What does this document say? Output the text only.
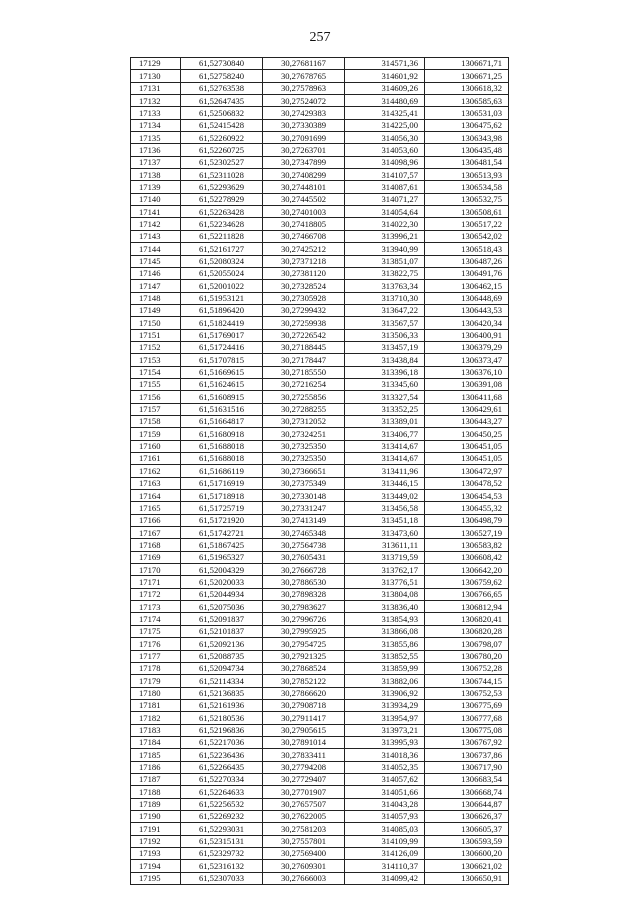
257
17129	61,52730840	30,27681167	314571,36	1306671,71
17130	61,52758240	30,27678765	314601,92	1306671,25
17131	61,52763538	30,27578963	314609,26	1306618,32
17132	61,52647435	30,27524072	314480,69	1306585,63
17133	61,52506832	30,27429383	314325,41	1306531,03
17134	61,52415428	30,27330389	314225,00	1306475,62
17135	61,52260922	30,27091699	314056,30	1306343,98
17136	61,52260725	30,27263701	314053,60	1306435,48
17137	61,52302527	30,27347899	314098,96	1306481,54
17138	61,52311028	30,27408299	314107,57	1306513,93
17139	61,52293629	30,27448101	314087,61	1306534,58
17140	61,52278929	30,27445502	314071,27	1306532,75
17141	61,52263428	30,27401003	314054,64	1306508,61
17142	61,52234628	30,27418805	314022,30	1306517,22
17143	61,52211828	30,27466708	313996,21	1306542,02
17144	61,52161727	30,27425212	313940,99	1306518,43
17145	61,52080324	30,27371218	313851,07	1306487,26
17146	61,52055024	30,27381120	313822,75	1306491,76
17147	61,52001022	30,27328524	313763,34	1306462,15
17148	61,51953121	30,27305928	313710,30	1306448,69
17149	61,51896420	30,27299432	313647,22	1306443,53
17150	61,51824419	30,27259938	313567,57	1306420,34
17151	61,51769017	30,27226542	313506,33	1306400,91
17152	61,51724416	30,27188445	313457,19	1306379,29
17153	61,51707815	30,27178447	313438,84	1306373,47
17154	61,51669615	30,27185550	313396,18	1306376,10
17155	61,51624615	30,27216254	313345,60	1306391,08
17156	61,51608915	30,27255856	313327,54	1306411,68
17157	61,51631516	30,27288255	313352,25	1306429,61
17158	61,51664817	30,27312052	313389,01	1306443,27
17159	61,51680918	30,27324251	313406,77	1306450,25
17160	61,51688018	30,27325350	313414,67	1306451,05
17161	61,51688018	30,27325350	313414,67	1306451,05
17162	61,51686119	30,27366651	313411,96	1306472,97
17163	61,51716919	30,27375349	313446,15	1306478,52
17164	61,51718918	30,27330148	313449,02	1306454,53
17165	61,51725719	30,27331247	313456,58	1306455,32
17166	61,51721920	30,27413149	313451,18	1306498,79
17167	61,51742721	30,27465348	313473,60	1306527,19
17168	61,51867425	30,27564738	313611,11	1306583,82
17169	61,51965327	30,27605431	313719,59	1306608,42
17170	61,52004329	30,27666728	313762,17	1306642,20
17171	61,52020033	30,27886530	313776,51	1306759,62
17172	61,52044934	30,27898328	313804,08	1306766,65
17173	61,52075036	30,27983627	313836,40	1306812,94
17174	61,52091837	30,27996726	313854,93	1306820,41
17175	61,52101837	30,27995925	313866,08	1306820,28
17176	61,52092136	30,27954725	313855,86	1306798,07
17177	61,52088735	30,27921325	313852,55	1306780,20
17178	61,52094734	30,27868524	313859,99	1306752,28
17179	61,52114334	30,27852122	313882,06	1306744,15
17180	61,52136835	30,27866620	313906,92	1306752,53
17181	61,52161936	30,27908718	313934,29	1306775,69
17182	61,52180536	30,27911417	313954,97	1306777,68
17183	61,52196836	30,27905615	313973,21	1306775,08
17184	61,52217036	30,27891014	313995,93	1306767,92
17185	61,52236436	30,27833411	314018,36	1306737,86
17186	61,52266435	30,27794208	314052,35	1306717,90
17187	61,52270334	30,27729407	314057,62	1306683,54
17188	61,52264633	30,27701907	314051,66	1306668,74
17189	61,52256532	30,27657507	314043,28	1306644,87
17190	61,52269232	30,27622005	314057,93	1306626,37
17191	61,52293031	30,27581203	314085,03	1306605,37
17192	61,52315131	30,27557801	314109,99	1306593,59
17193	61,52329732	30,27569400	314126,09	1306600,20
17194	61,52316132	30,27609301	314110,37	1306621,02
17195	61,52307033	30,27666003	314099,42	1306650,91
